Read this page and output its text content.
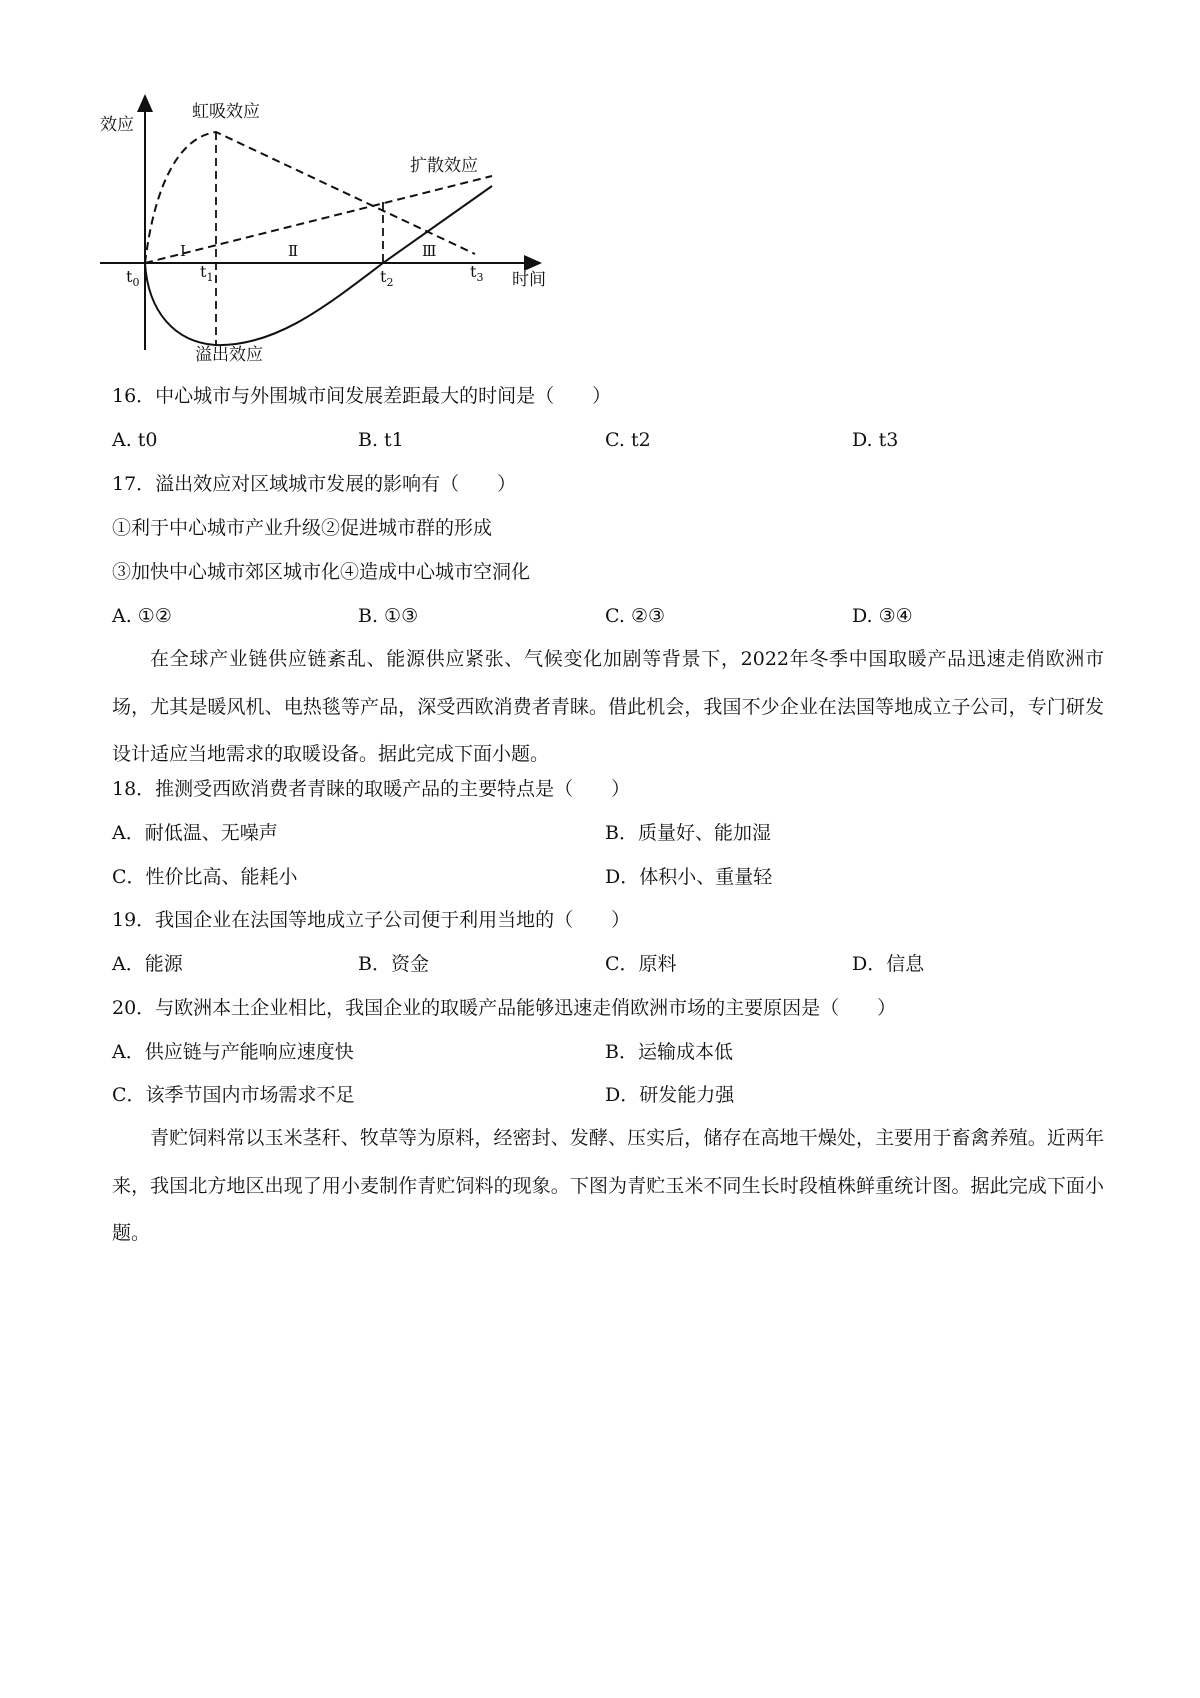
效应
时间
虹吸效应
扩散效应
溢出效应
Ⅰ	Ⅱ	Ⅲ
$t_0$
$t_1$	$t_2$
$t_3$
16．中心城市与外围城市间发展差距最大的时间是（　　）
A. t0	B. t1	C. t2	D. t3
17．溢出效应对区域城市发展的影响有（　　）
①利于中心城市产业升级②促进城市群的形成
③加快中心城市郊区城市化④造成中心城市空洞化
A. ①②	B. ①③	C. ②③	D. ③④
在全球产业链供应链紊乱、能源供应紧张、气候变化加剧等背景下，2022年冬季中国取暖产品迅速走俏欧洲市场，尤其是暖风机、电热毯等产品，深受西欧消费者青睐。借此机会，我国不少企业在法国等地成立子公司，专门研发设计适应当地需求的取暖设备。据此完成下面小题。
18．推测受西欧消费者青睐的取暖产品的主要特点是（　　）
A．耐低温、无噪声	B．质量好、能加湿
C．性价比高、能耗小	D．体积小、重量轻
19．我国企业在法国等地成立子公司便于利用当地的（　　）
A．能源	B．资金	C．原料	D．信息
20．与欧洲本土企业相比，我国企业的取暖产品能够迅速走俏欧洲市场的主要原因是（　　）
A．供应链与产能响应速度快	B．运输成本低
C．该季节国内市场需求不足	D．研发能力强
青贮饲料常以玉米茎秆、牧草等为原料，经密封、发酵、压实后，储存在高地干燥处，主要用于畜禽养殖。近两年来，我国北方地区出现了用小麦制作青贮饲料的现象。下图为青贮玉米不同生长时段植株鲜重统计图。据此完成下面小题。
